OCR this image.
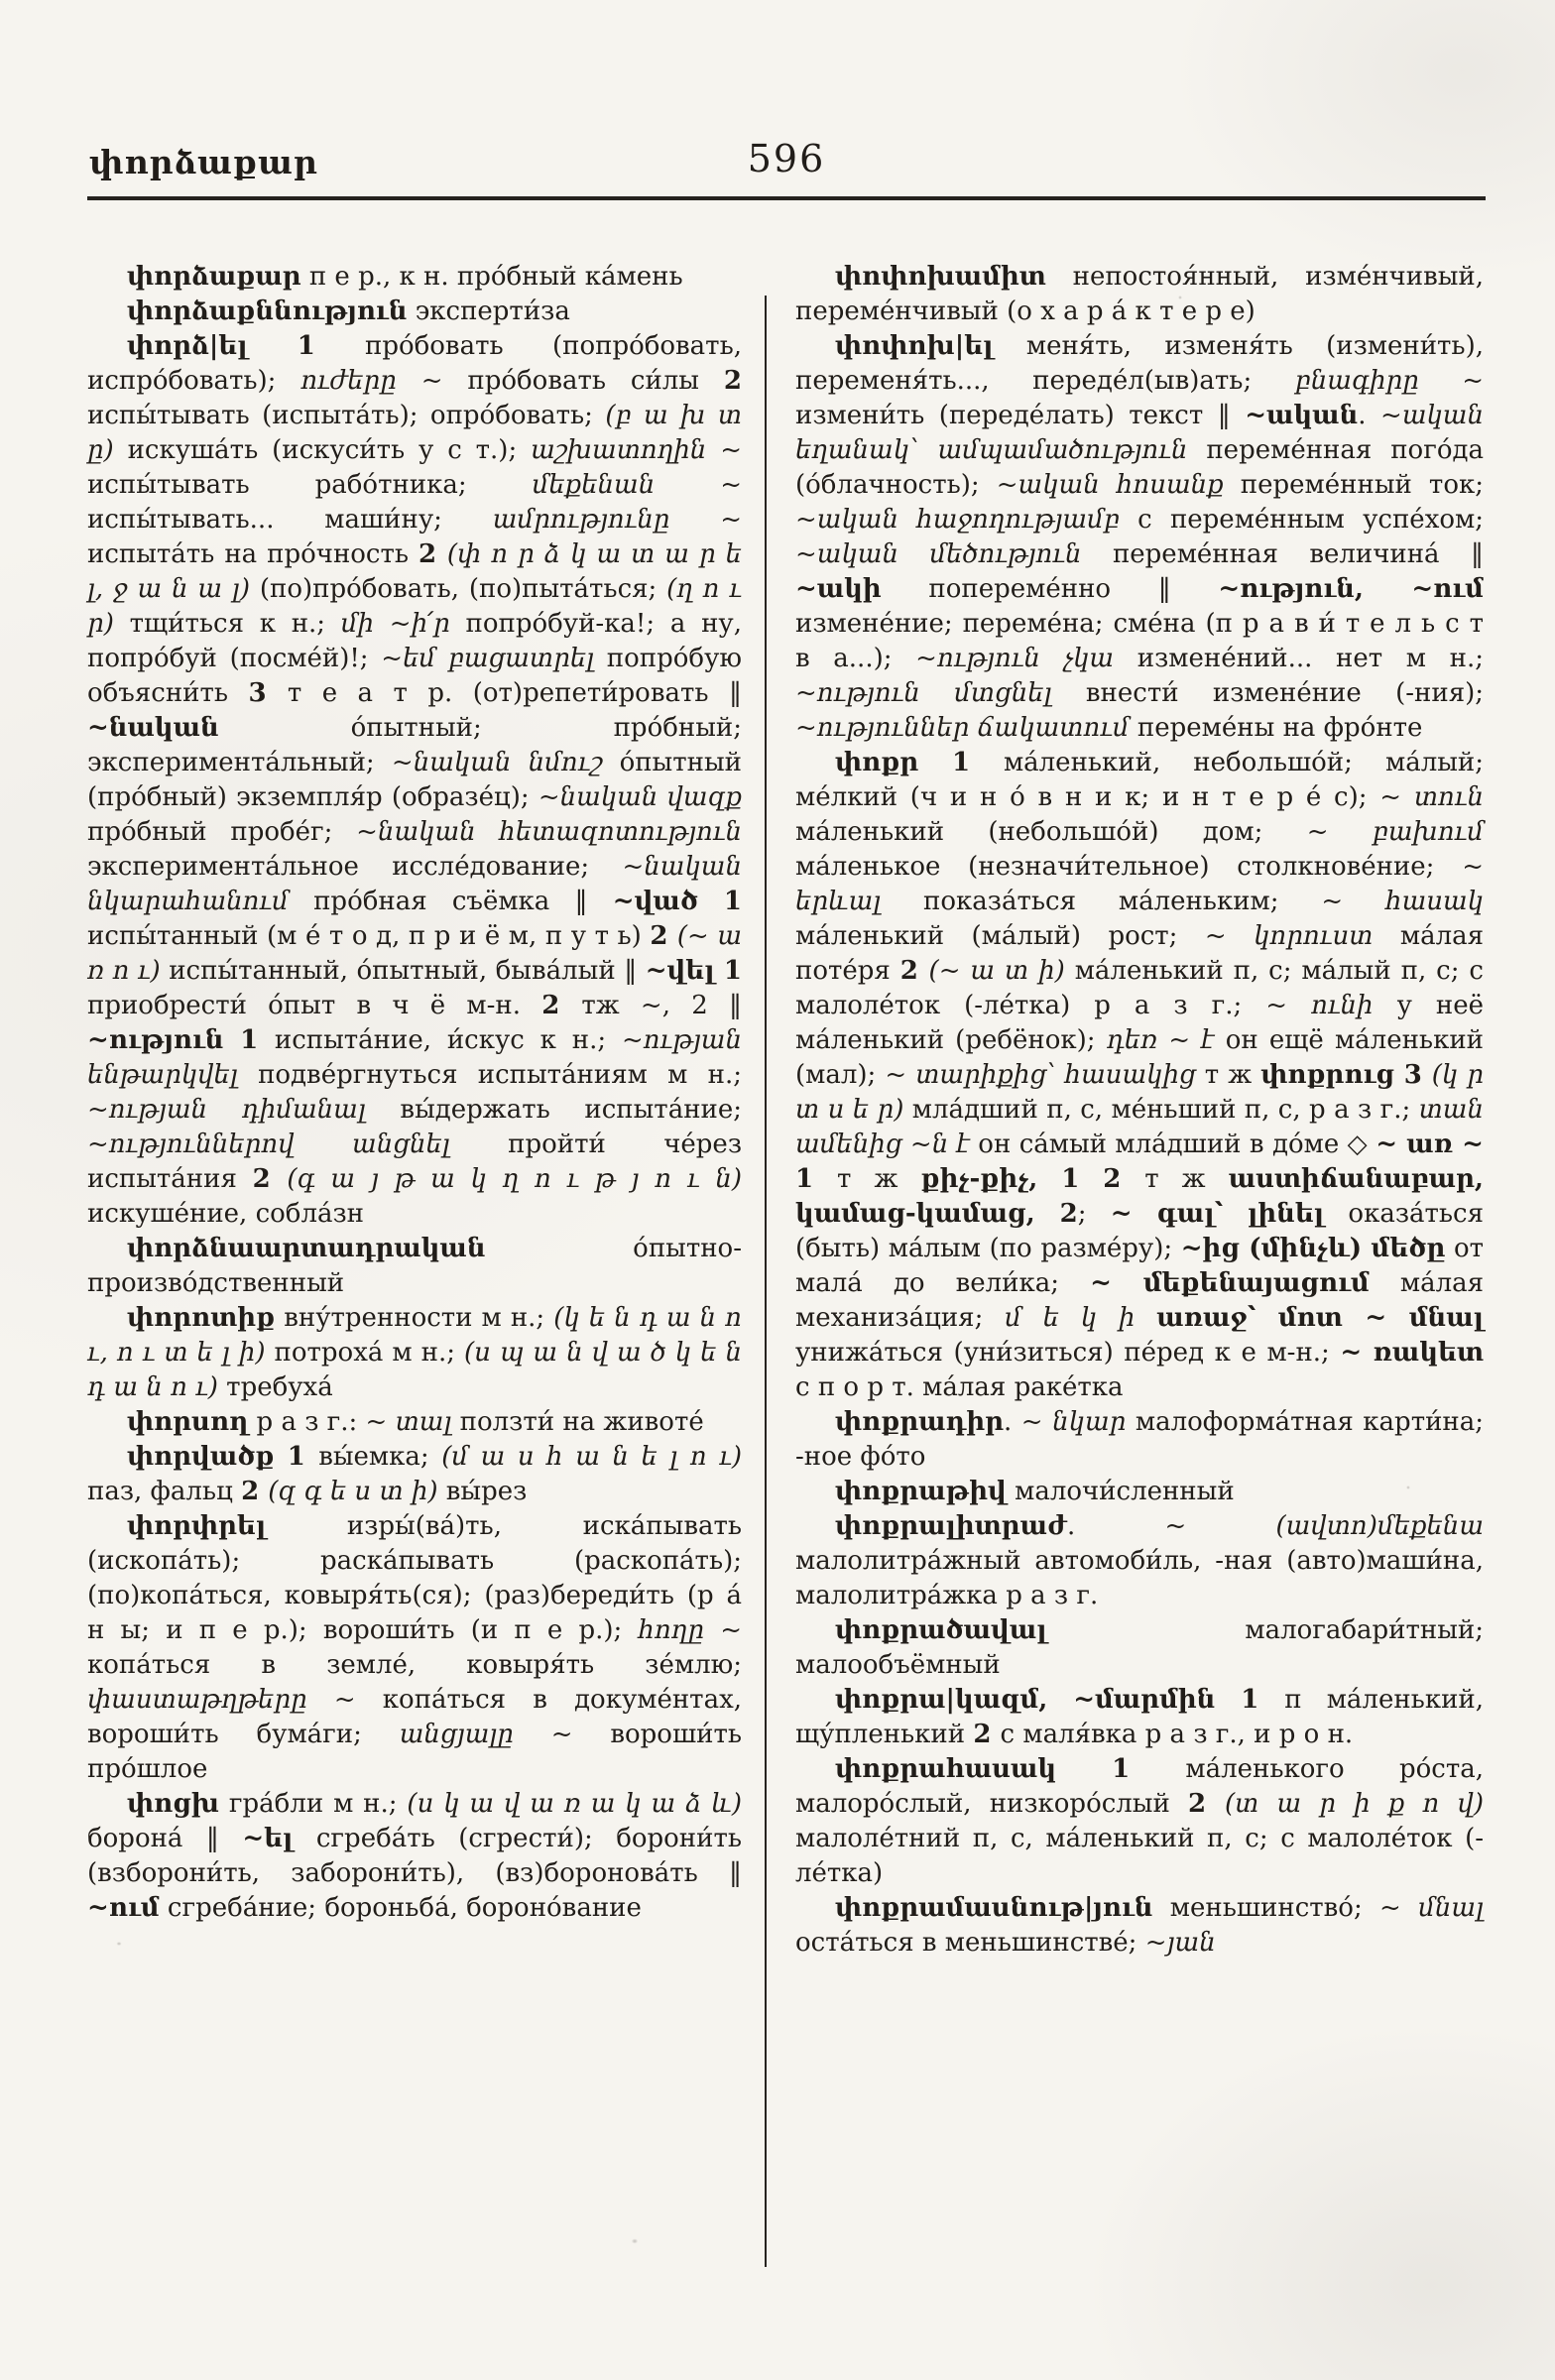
փորձաքար	596

փորձաքար п е р., к н. про́бный ка́мень

փորձաքննություն эксперти́за

փորձ|ել 1 про́бовать (попро́бовать, испро́бовать); ուժերը ~ про́бовать си́лы 2 испы́тывать (испыта́ть); опро́бовать; (բ ա խ տ ը) искуша́ть (искуси́ть у с т.); աշխատողին ~ испы́тывать рабо́тника; մեքենան ~ испы́тывать... маши́ну; ամրությունը ~ испыта́ть на про́чность 2 (փ ո ր ձ կ ա տ ա ր ե լ, ջ ա ն ա լ) (по)про́бовать, (по)пыта́ться; (ղ ո ւ ր) тщи́ться к н.; մի ~ի՛ր попро́буй-ка!; а ну, попро́буй (посме́й)!; ~եմ բացատրել попро́бую объясни́ть 3 т е а т р. (от)репети́ровать ‖ ~նական о́пытный; про́бный; эксперимента́льный; ~նական նմուշ о́пытный (про́бный) экземпля́р (образе́ц); ~նական վազք про́бный пробе́г; ~նական հետազոտություն эксперимента́льное иссле́дование; ~նական նկարահանում про́бная съёмка ‖ ~ված 1 испы́танный (м е́ т о д, п р и ё м, п у т ь) 2 (~ ա ռ ո ւ) испы́танный, о́пытный, быва́лый ‖ ~վել 1 приобрести́ о́пыт в ч ё м-н. 2 тж ~, 2 ‖ ~ություն 1 испыта́ние, и́скус к н.; ~ության ենթարկվել подве́ргнуться испыта́ниям м н.; ~ության դիմանալ вы́держать испыта́ние; ~ություններով անցնել пройти́ че́рез испыта́ния 2 (գ ա յ թ ա կ ղ ո ւ թ յ ո ւ ն) искуше́ние, собла́зн

փորձնաարտադրական о́пытно-произво́дственный

փորոտիք вну́тренности м н.; (կ ե ն դ ա ն ո ւ, ո ւ տ ե լ ի) потроха́ м н.; (ս պ ա ն վ ա ծ կ ե ն դ ա ն ո ւ) требуха́

փորսող р а з г.: ~ տալ ползти́ на животе́

փորվածք 1 вы́емка; (մ ա ս հ ա ն ե լ ո ւ) паз, фальц 2 (զ գ ե ս տ ի) вы́рез

փորփրել изры́(ва́)ть, иска́пывать (ископа́ть); раска́пывать (раскопа́ть); (по)копа́ться, ковыря́ть(ся); (раз)береди́ть (р а́ н ы; и п е р.); вороши́ть (и п е р.); հողը ~ копа́ться в земле́, ковыря́ть зе́млю; փաստաթղթերը ~ копа́ться в докуме́нтах, вороши́ть бума́ги; անցյալը ~ вороши́ть про́шлое

փոցխ гра́бли м н.; (ս կ ա վ ա ռ ա կ ա ձ և) борона́ ‖ ~ել сгреба́ть (сгрести́); борони́ть (взборони́ть, заборони́ть), (вз)боронова́ть ‖ ~ում сгреба́ние; бороньба́, бороно́вание

փոփոխամիտ непостоя́нный, изме́нчивый, переме́нчивый (о х а р а́ к т е р е)

փոփոխ|ել меня́ть, изменя́ть (измени́ть), переменя́ть..., переде́л(ыв)ать; բնագիրը ~ измени́ть (переде́лать) текст ‖ ~ական. ~ական եղանակ՝ ամպամածություն переме́нная пого́да (о́блачность); ~ական հոսանք переме́нный ток; ~ական հաջողությամբ с переме́нным успе́хом; ~ական մեծություն переме́нная величина́ ‖ ~ակի попереме́нно ‖ ~ություն, ~ում измене́ние; переме́на; сме́на (п р а в и́ т е л ь с т в а...); ~ություն չկա измене́ний... нет м н.; ~ություն մտցնել внести́ измене́ние (-ния); ~ություններ ճակատում переме́ны на фро́нте

փոքր 1 ма́ленький, небольшо́й; ма́лый; ме́лкий (ч и н о́ в н и к; и н т е р е́ с); ~ տուն ма́ленький (небольшо́й) дом; ~ բախում ма́ленькое (незначи́тельное) столкнове́ние; ~ երևալ показа́ться ма́леньким; ~ հասակ ма́ленький (ма́лый) рост; ~ կորուստ ма́лая поте́ря 2 (~ ա տ ի) ма́ленький п, с; ма́лый п, с; с малоле́ток (-ле́тка) р а з г.; ~ ունի у неё ма́ленький (ребёнок); դեռ ~ է он ещё ма́ленький (мал); ~ տարիքից՝ հասակից т ж փոքրուց 3 (կ ր տ ս ե ր) мла́дший п, с, ме́ньший п, с, р а з г.; տան ամենից ~ն է он са́мый мла́дший в до́ме ◇ ~ առ ~ 1 т ж քիչ-քիչ, 1 2 т ж աստիճանաբար, կամաց-կամաց, 2; ~ գալ՝ լինել оказа́ться (быть) ма́лым (по разме́ру); ~ից (մինչև) մեծը от мала́ до вели́ка; ~ մեքենայացում ма́лая механиза́ция; մ ե կ ի առաջ՝ մոտ ~ մնալ унижа́ться (уни́зиться) пе́ред к е м-н.; ~ ռակետ с п о р т. ма́лая раке́тка

փոքրադիր. ~ նկար малоформа́тная карти́на; -ное фо́то

փոքրաթիվ малочи́сленный

փոքրալիտրաժ. ~ (ավտո)մեքենա малолитра́жный автомоби́ль, -ная (авто)маши́на, малолитра́жка р а з г.

փոքրածավալ малогабари́тный; малообъёмный

փոքրա|կազմ, ~մարմին 1 п ма́ленький, щу́пленький 2 с маля́вка р а з г., и р о н.

փոքրահասակ 1 ма́ленького ро́ста, малоро́слый, низкоро́слый 2 (տ ա ր ի ք ո վ) малоле́тний п, с, ма́ленький п, с; с малоле́ток (-ле́тка)

փոքրամասնութ|յուն меньшинство́; ~ մնալ оста́ться в меньшинстве́; ~յան
